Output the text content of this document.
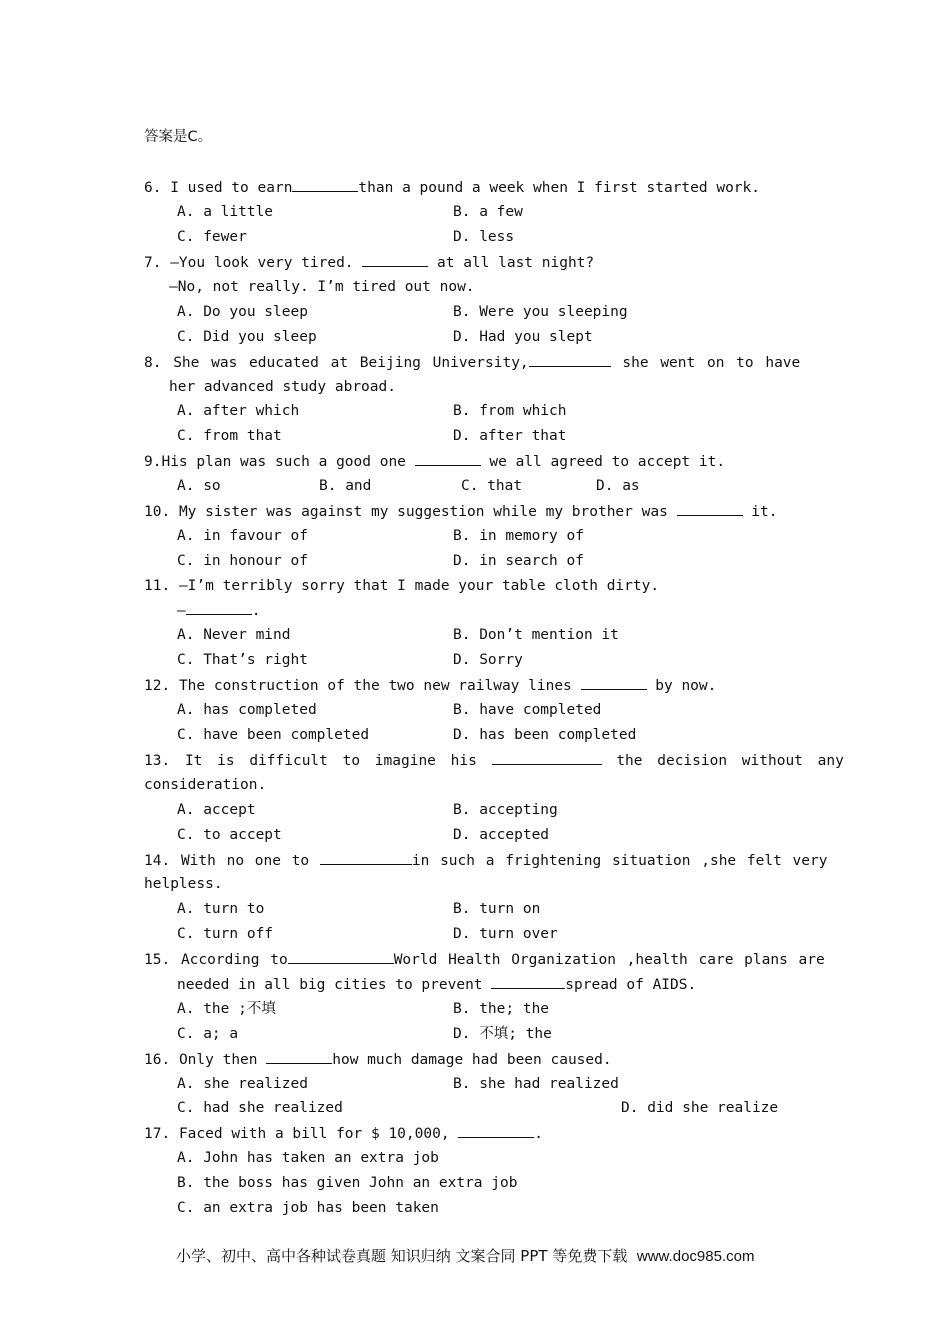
答案是C。
6. I used to earn	than a pound a week when I first started work.
A. a little	B. a few
C. fewer	D. less
7. —You look very tired.	at all last night?
—No, not really. I’m tired out now.
A. Do you sleep	B. Were you sleeping
C. Did you sleep	D. Had you slept
8. She was educated at Beijing University,	she went on to have
her advanced study abroad.
A. after which	B. from which
C. from that	D. after that
9.His plan was such a good one	we all agreed to accept it.
A. so	B. and	C. that	D. as
10. My sister was against my suggestion while my brother was	it.
A. in favour of	B. in memory of
C. in honour of	D. in search of
11. —I’m terribly sorry that I made your table cloth dirty.
—	.
A. Never mind	B. Don’t mention it
C. That’s right	D. Sorry
12. The construction of the two new railway lines	by now.
A. has completed	B. have completed
C. have been completed	D. has been completed
13. It is difficult to imagine his	the decision without any
consideration.
A. accept	B. accepting
C. to accept	D. accepted
14. With no one to	in such a frightening situation ,she felt very
helpless.
A. turn to	B. turn on
C. turn off	D. turn over
15. According to	World Health Organization ,health care plans are
needed in all big cities to prevent	spread of AIDS.
A. the ;不填	B. the; the
C. a; a	D. 不填; the
16. Only then	how much damage had been caused.
A. she realized	B. she had realized
C. had she realized	D. did she realize
17. Faced with a bill for $ 10,000,	.
A. John has taken an extra job
B. the boss has given John an extra job
C. an extra job has been taken
小学、初中、高中各种试卷真题 知识归纳 文案合同 PPT 等免费下载 www.doc985.com
